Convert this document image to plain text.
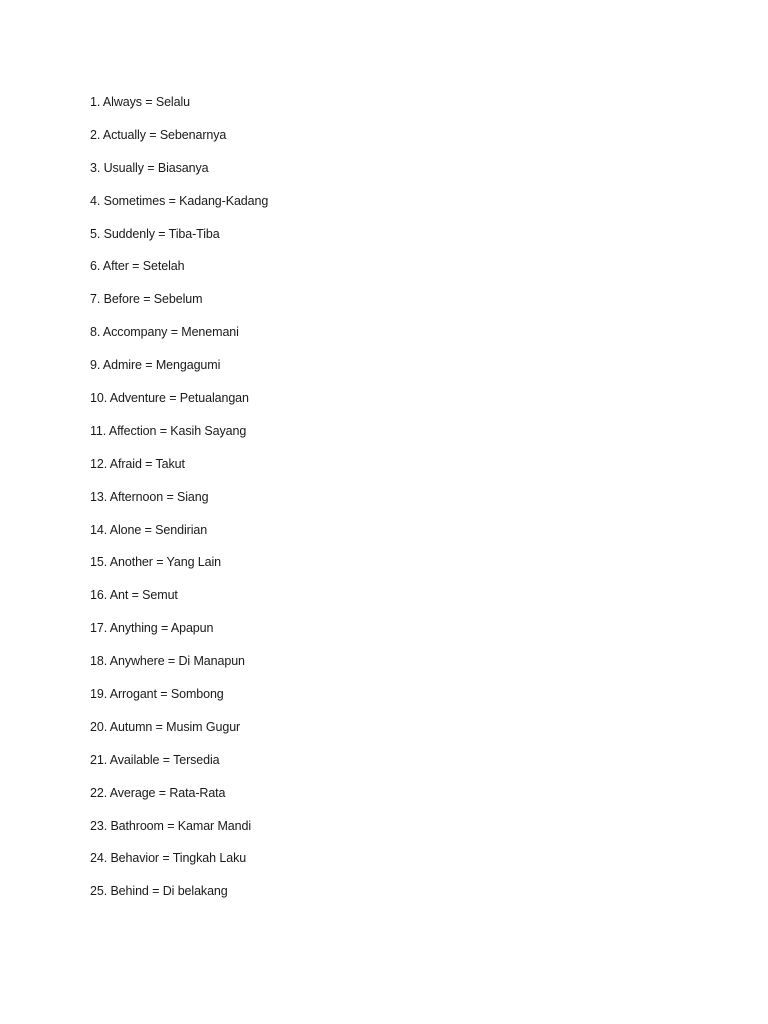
1. Always = Selalu
2. Actually = Sebenarnya
3. Usually = Biasanya
4. Sometimes = Kadang-Kadang
5. Suddenly = Tiba-Tiba
6. After = Setelah
7. Before = Sebelum
8. Accompany = Menemani
9. Admire = Mengagumi
10. Adventure = Petualangan
11. Affection = Kasih Sayang
12. Afraid = Takut
13. Afternoon = Siang
14. Alone = Sendirian
15. Another = Yang Lain
16. Ant = Semut
17. Anything = Apapun
18. Anywhere = Di Manapun
19. Arrogant = Sombong
20. Autumn = Musim Gugur
21. Available = Tersedia
22. Average = Rata-Rata
23. Bathroom = Kamar Mandi
24. Behavior = Tingkah Laku
25. Behind = Di belakang
